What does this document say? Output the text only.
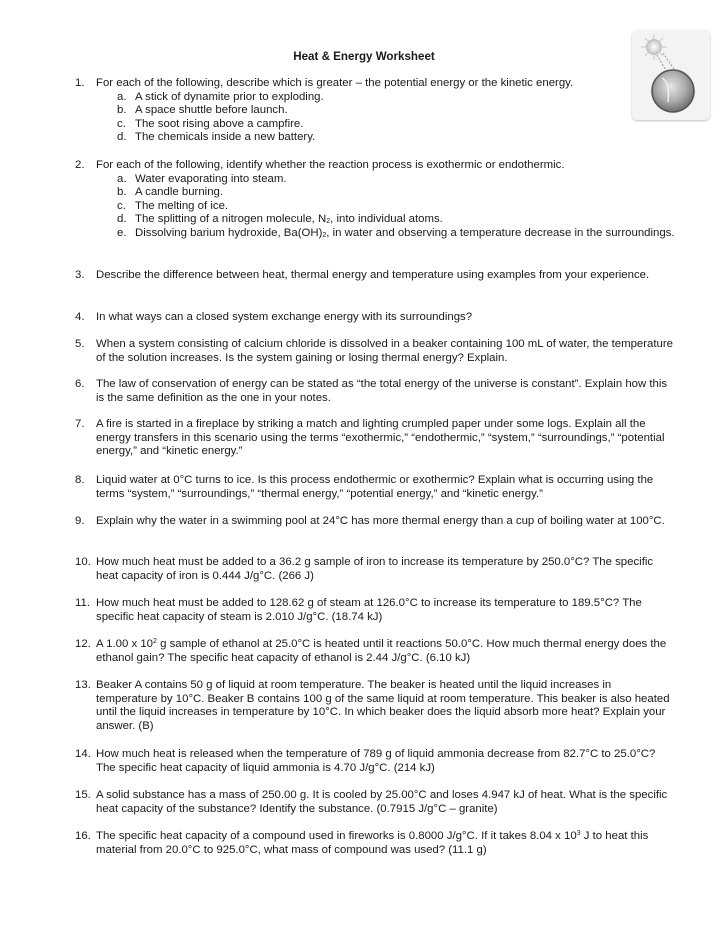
Heat & Energy Worksheet
1.	For each of the following, describe which is greater – the potential energy or the kinetic energy.
a. A stick of dynamite prior to exploding.
b. A space shuttle before launch.
c. The soot rising above a campfire.
d. The chemicals inside a new battery.
2.	For each of the following, identify whether the reaction process is exothermic or endothermic.
a. Water evaporating into steam.
b. A candle burning.
c. The melting of ice.
d. The splitting of a nitrogen molecule, $N_2$, into individual atoms.
e. Dissolving barium hydroxide, $Ba(OH)_2$, in water and observing a temperature decrease in the surroundings.
3.	Describe the difference between heat, thermal energy and temperature using examples from your experience.
4.	In what ways can a closed system exchange energy with its surroundings?
5.	When a system consisting of calcium chloride is dissolved in a beaker containing 100 mL of water, the temperature of the solution increases. Is the system gaining or losing thermal energy? Explain.
6.	The law of conservation of energy can be stated as “the total energy of the universe is constant”. Explain how this is the same definition as the one in your notes.
7.	A fire is started in a fireplace by striking a match and lighting crumpled paper under some logs. Explain all the energy transfers in this scenario using the terms “exothermic,” “endothermic,” “system,” “surroundings,” “potential energy,” and “kinetic energy.”
8.	Liquid water at 0°C turns to ice. Is this process endothermic or exothermic? Explain what is occurring using the terms “system,” “surroundings,” “thermal energy,” “potential energy,” and “kinetic energy.”
9.	Explain why the water in a swimming pool at 24°C has more thermal energy than a cup of boiling water at 100°C.
10. How much heat must be added to a 36.2 g sample of iron to increase its temperature by 250.0°C? The specific heat capacity of iron is 0.444 J/g°C. (266 J)
11. How much heat must be added to 128.62 g of steam at 126.0°C to increase its temperature to 189.5°C? The specific heat capacity of steam is 2.010 J/g°C. (18.74 kJ)
12. A 1.00 x $10^2$ g sample of ethanol at 25.0°C is heated until it reactions 50.0°C. How much thermal energy does the ethanol gain? The specific heat capacity of ethanol is 2.44 J/g°C. (6.10 kJ)
13. Beaker A contains 50 g of liquid at room temperature. The beaker is heated until the liquid increases in temperature by 10°C. Beaker B contains 100 g of the same liquid at room temperature. This beaker is also heated until the liquid increases in temperature by 10°C. In which beaker does the liquid absorb more heat? Explain your answer. (B)
14. How much heat is released when the temperature of 789 g of liquid ammonia decrease from 82.7°C to 25.0°C? The specific heat capacity of liquid ammonia is 4.70 J/g°C. (214 kJ)
15. A solid substance has a mass of 250.00 g. It is cooled by 25.00°C and loses 4.947 kJ of heat. What is the specific heat capacity of the substance? Identify the substance. (0.7915 J/g°C – granite)
16. The specific heat capacity of a compound used in fireworks is 0.8000 J/g°C. If it takes 8.04 x $10^3$ J to heat this material from 20.0°C to 925.0°C, what mass of compound was used? (11.1 g)
